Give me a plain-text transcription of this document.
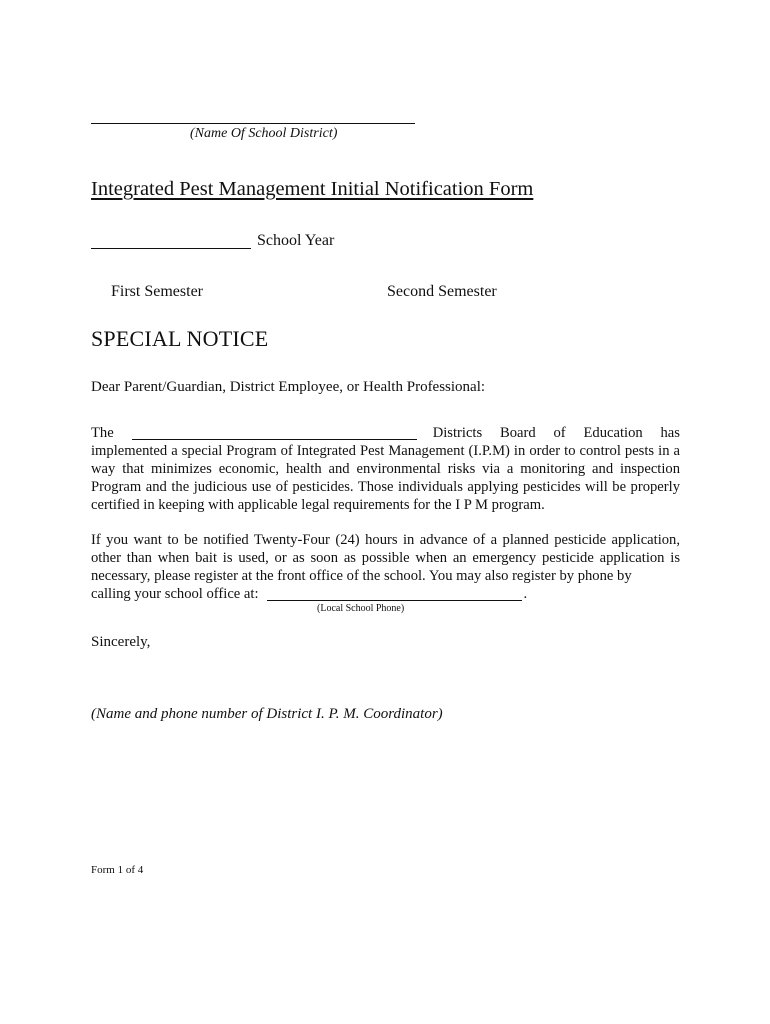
(Name Of School District)
Integrated Pest Management Initial Notification Form
School Year
First Semester	Second Semester
SPECIAL NOTICE
Dear Parent/Guardian, District Employee, or Health Professional:
The	Districts Board of Education has
implemented a special Program of Integrated Pest Management (I.P.M) in order to control pests in a way that minimizes economic, health and environmental risks via a monitoring and inspection Program and the judicious use of pesticides. Those individuals applying pesticides will be properly certified in keeping with applicable legal requirements for the I P M program.
If you want to be notified Twenty-Four (24) hours in advance of a planned pesticide application, other than when bait is used, or as soon as possible when an emergency pesticide application is necessary, please register at the front office of the school. You may also register by phone by
calling your school office at:	.
(Local School Phone)
Sincerely,
(Name and phone number of District I. P. M. Coordinator)
Form 1 of 4
